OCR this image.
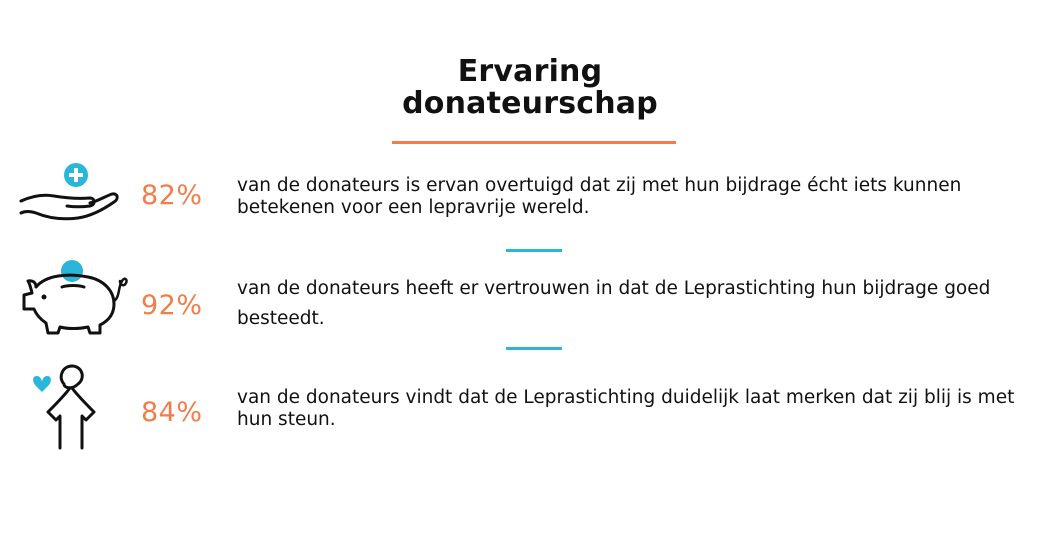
Ervaring
donateurschap
82% van de donateurs is ervan overtuigd dat zij met hun bijdrage écht iets kunnen
betekenen voor een lepravrije wereld.
92%
van de donateurs heeft er vertrouwen in dat de Leprastichting hun bijdrage goed
besteedt.
84% van de donateurs vindt dat de Leprastichting duidelijk laat merken dat zij blij is met
hun steun.
